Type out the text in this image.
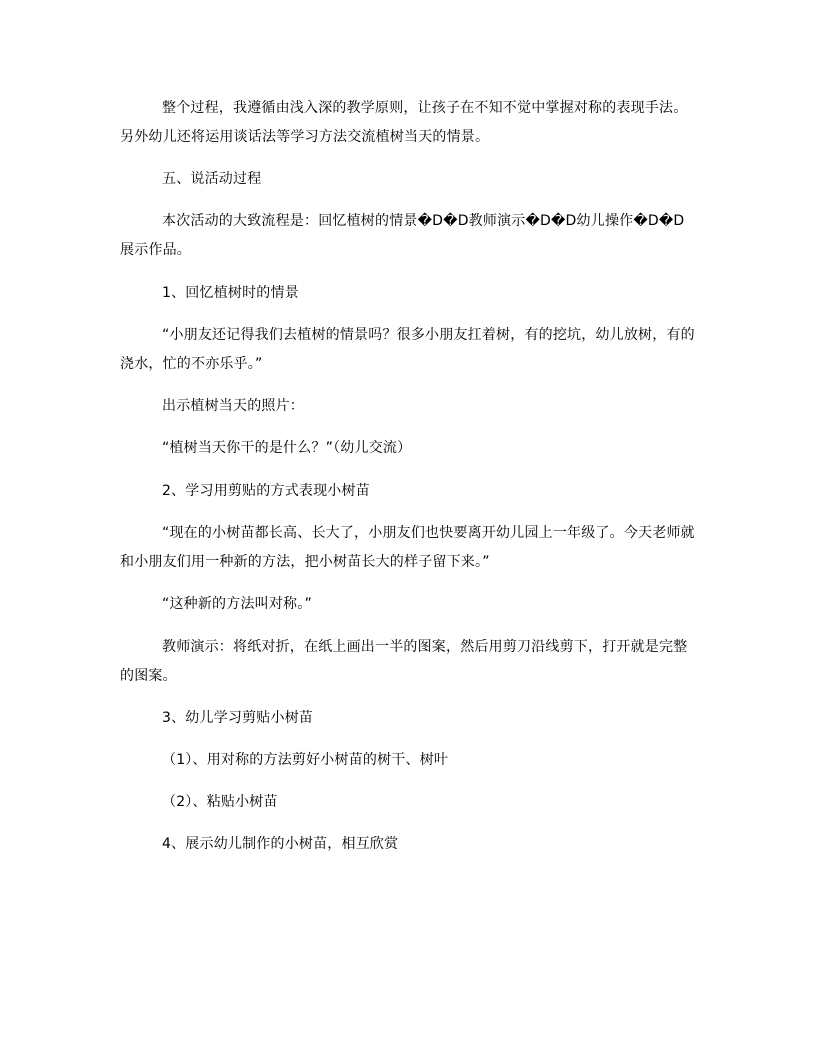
整个过程，我遵循由浅入深的教学原则，让孩子在不知不觉中掌握对称的表现手法。另外幼儿还将运用谈话法等学习方法交流植树当天的情景。
五、说活动过程
本次活动的大致流程是：回忆植树的情景�D�D教师演示�D�D幼儿操作�D�D展示作品。
1、回忆植树时的情景
“小朋友还记得我们去植树的情景吗？很多小朋友扛着树，有的挖坑，幼儿放树，有的浇水，忙的不亦乐乎。”
出示植树当天的照片：
“植树当天你干的是什么？”（幼儿交流）
2、学习用剪贴的方式表现小树苗
“现在的小树苗都长高、长大了，小朋友们也快要离开幼儿园上一年级了。今天老师就和小朋友们用一种新的方法，把小树苗长大的样子留下来。”
“这种新的方法叫对称。”
教师演示：将纸对折，在纸上画出一半的图案，然后用剪刀沿线剪下，打开就是完整的图案。
3、幼儿学习剪贴小树苗
（1）、用对称的方法剪好小树苗的树干、树叶
（2）、粘贴小树苗
4、展示幼儿制作的小树苗，相互欣赏
